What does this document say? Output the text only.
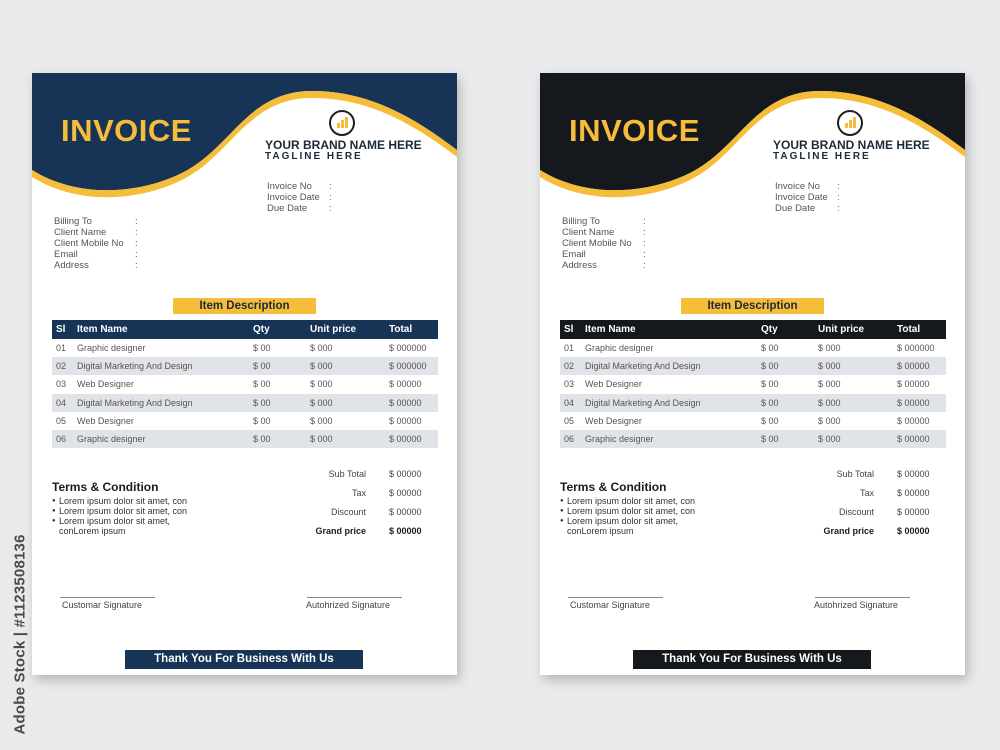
Adobe Stock | #1123508136
INVOICE	YOUR BRAND NAME HERE
TAGLINE HERE
Invoice No	:
Invoice Date :
Due Date	:
Billing To	:
Client Name	:
Client Mobile No	:
Email	:
Address	:
Item Description
Sl Item Name	Qty	Unit price	Total
01 Graphic designer	$ 00	$ 000	$ 000000
02 Digital Marketing And Design	$ 00	$ 000	$ 000000
03 Web Designer	$ 00	$ 000	$ 00000
04 Digital Marketing And Design	$ 00	$ 000	$ 00000
05 Web Designer	$ 00	$ 000	$ 00000
06 Graphic designer	$ 00	$ 000	$ 00000
Terms & Condition
● Lorem ipsum dolor sit amet, con
● Lorem ipsum dolor sit amet, con
● Lorem ipsum dolor sit amet,
conLorem ipsum
Sub Total	$ 00000
Tax	$ 00000
Discount	$ 00000
Grand price	$ 00000
Customar Signature	Autohrized Signature
Thank You For Business With Us
INVOICE	YOUR BRAND NAME HERE
TAGLINE HERE
Invoice No	:
Invoice Date :
Due Date	:
Billing To	:
Client Name	:
Client Mobile No	:
Email	:
Address	:
Item Description
Sl Item Name	Qty	Unit price	Total
01 Graphic designer	$ 00	$ 000	$ 000000
02 Digital Marketing And Design	$ 00	$ 000	$ 00000
03 Web Designer	$ 00	$ 000	$ 00000
04 Digital Marketing And Design	$ 00	$ 000	$ 00000
05 Web Designer	$ 00	$ 000	$ 00000
06 Graphic designer	$ 00	$ 000	$ 00000
Terms & Condition
● Lorem ipsum dolor sit amet, con
● Lorem ipsum dolor sit amet, con
● Lorem ipsum dolor sit amet,
conLorem ipsum
Sub Total	$ 00000
Tax	$ 00000
Discount	$ 00000
Grand price	$ 00000
Customar Signature	Autohrized Signature
Thank You For Business With Us
